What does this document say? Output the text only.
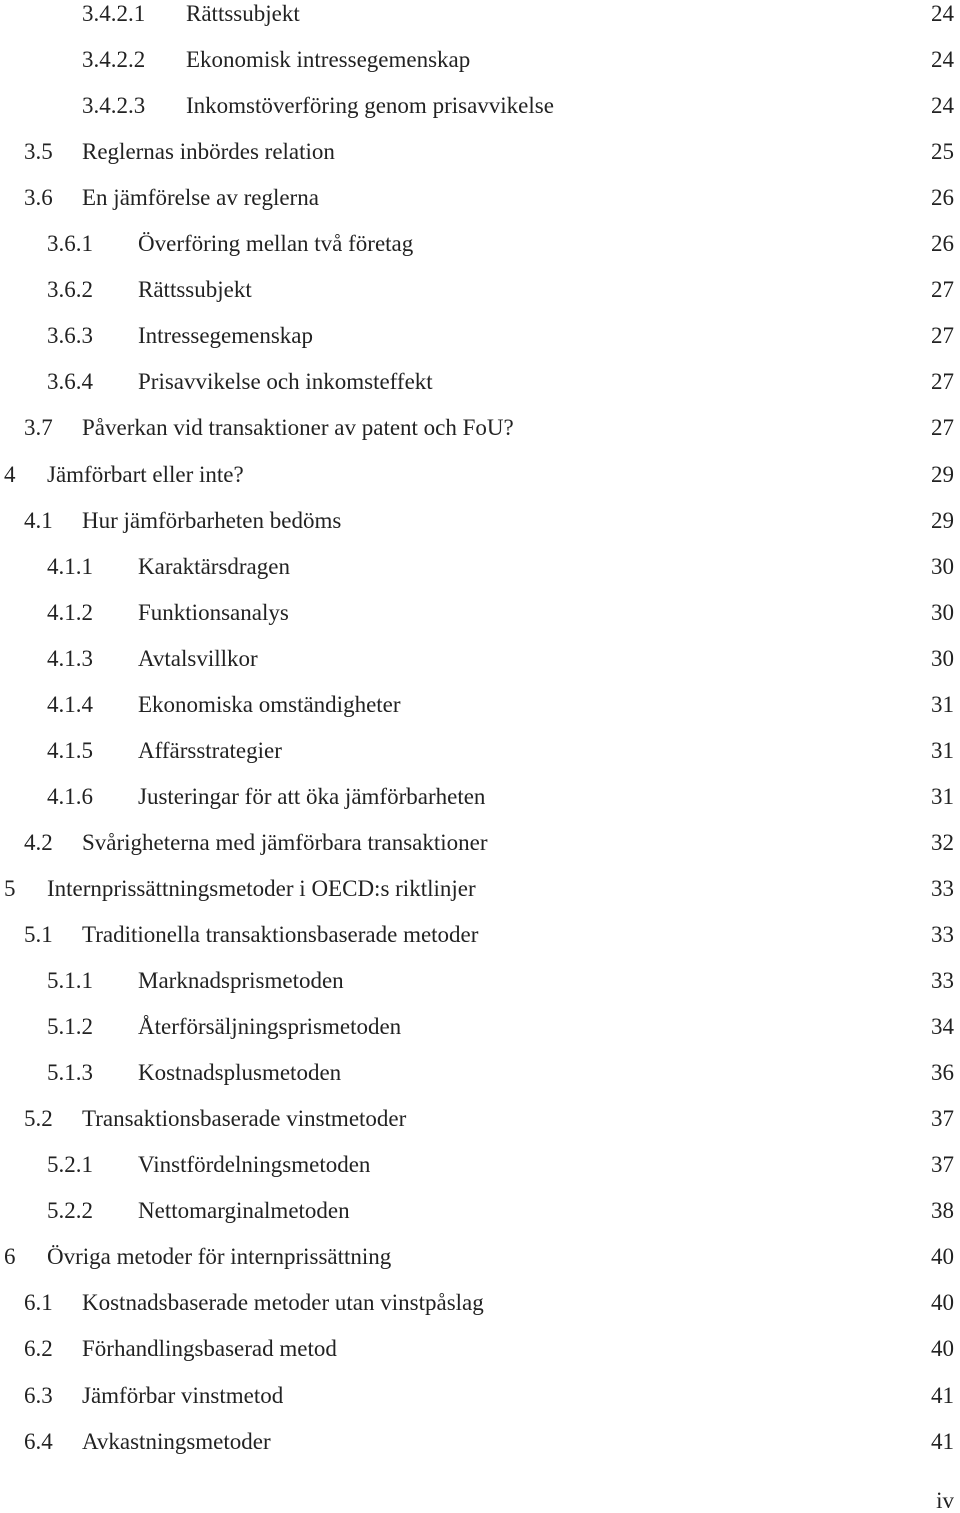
3.4.2.1 Rättssubjekt	24
3.4.2.2 Ekonomisk intressegemenskap	24
3.4.2.3 Inkomstöverföring genom prisavvikelse	24
3.5 Reglernas inbördes relation	25
3.6 En jämförelse av reglerna	26
3.6.1 Överföring mellan två företag	26
3.6.2 Rättssubjekt	27
3.6.3 Intressegemenskap	27
3.6.4 Prisavvikelse och inkomsteffekt	27
3.7 Påverkan vid transaktioner av patent och FoU?	27
4 Jämförbart eller inte?	29
4.1 Hur jämförbarheten bedöms	29
4.1.1 Karaktärsdragen	30
4.1.2 Funktionsanalys	30
4.1.3 Avtalsvillkor	30
4.1.4 Ekonomiska omständigheter	31
4.1.5 Affärsstrategier	31
4.1.6 Justeringar för att öka jämförbarheten	31
4.2 Svårigheterna med jämförbara transaktioner	32
5 Internprissättningsmetoder i OECD:s riktlinjer	33
5.1 Traditionella transaktionsbaserade metoder	33
5.1.1 Marknadsprismetoden	33
5.1.2 Återförsäljningsprismetoden	34
5.1.3 Kostnadsplusmetoden	36
5.2 Transaktionsbaserade vinstmetoder	37
5.2.1 Vinstfördelningsmetoden	37
5.2.2 Nettomarginalmetoden	38
6 Övriga metoder för internprissättning	40
6.1 Kostnadsbaserade metoder utan vinstpåslag	40
6.2 Förhandlingsbaserad metod	40
6.3 Jämförbar vinstmetod	41
6.4 Avkastningsmetoder	41
iv
